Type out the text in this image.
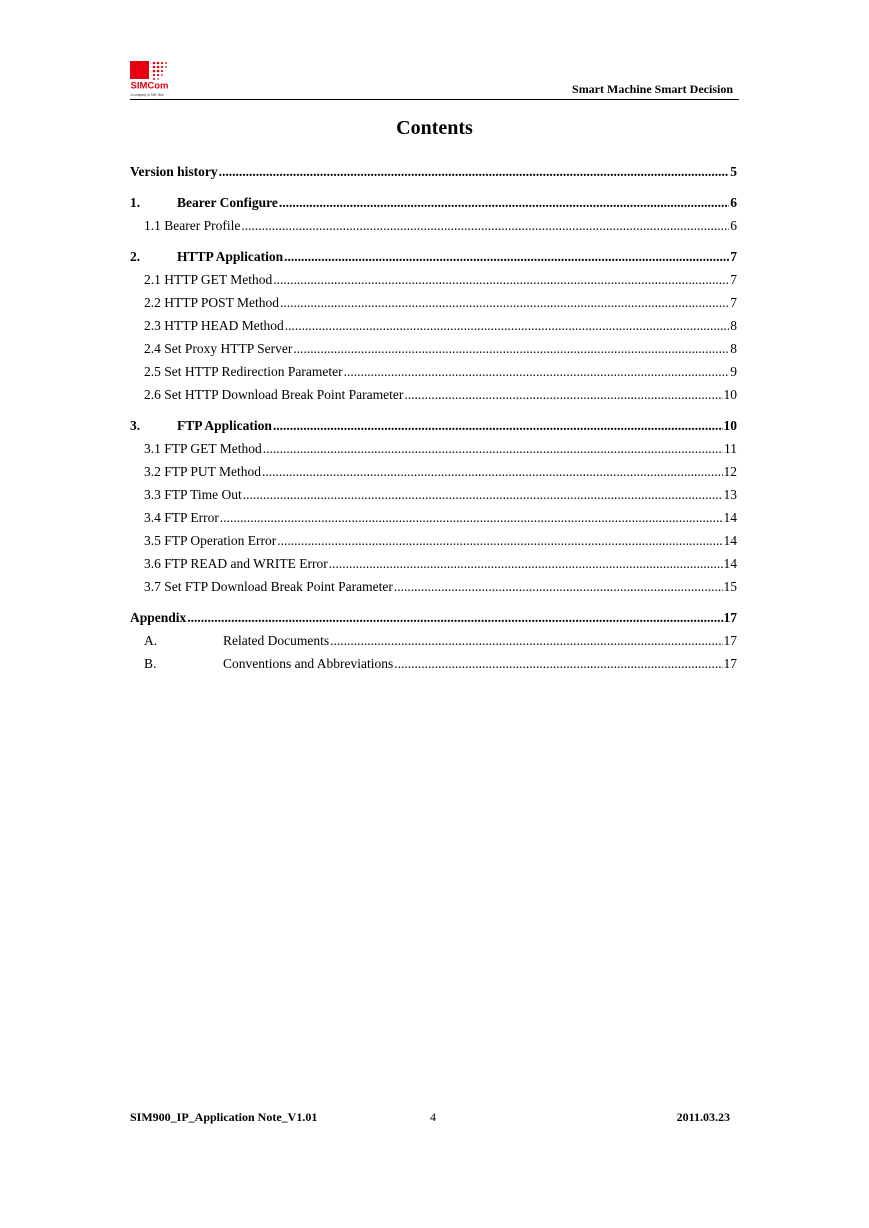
SIMCom
A company of SIM Tech	Smart Machine Smart Decision
Contents
Version history .....	5
1.	Bearer Configure .....	6
1.1 Bearer Profile .....	6
2.	HTTP Application .....	7
2.1 HTTP GET Method .....	7
2.2 HTTP POST Method .....	7
2.3 HTTP HEAD Method .....	8
2.4 Set Proxy HTTP Server .....	8
2.5 Set HTTP Redirection Parameter .....	9
2.6 Set HTTP Download Break Point Parameter .....	10
3.	FTP Application .....	10
3.1 FTP GET Method .....	11
3.2 FTP PUT Method .....	12
3.3 FTP Time Out .....	13
3.4 FTP Error .....	14
3.5 FTP Operation Error .....	14
3.6 FTP READ and WRITE Error .....	14
3.7 Set FTP Download Break Point Parameter .....	15
Appendix .....	17
A.	Related Documents .....	17
B.	Conventions and Abbreviations .....	17
SIM900_IP_Application Note_V1.01	4	2011.03.23
